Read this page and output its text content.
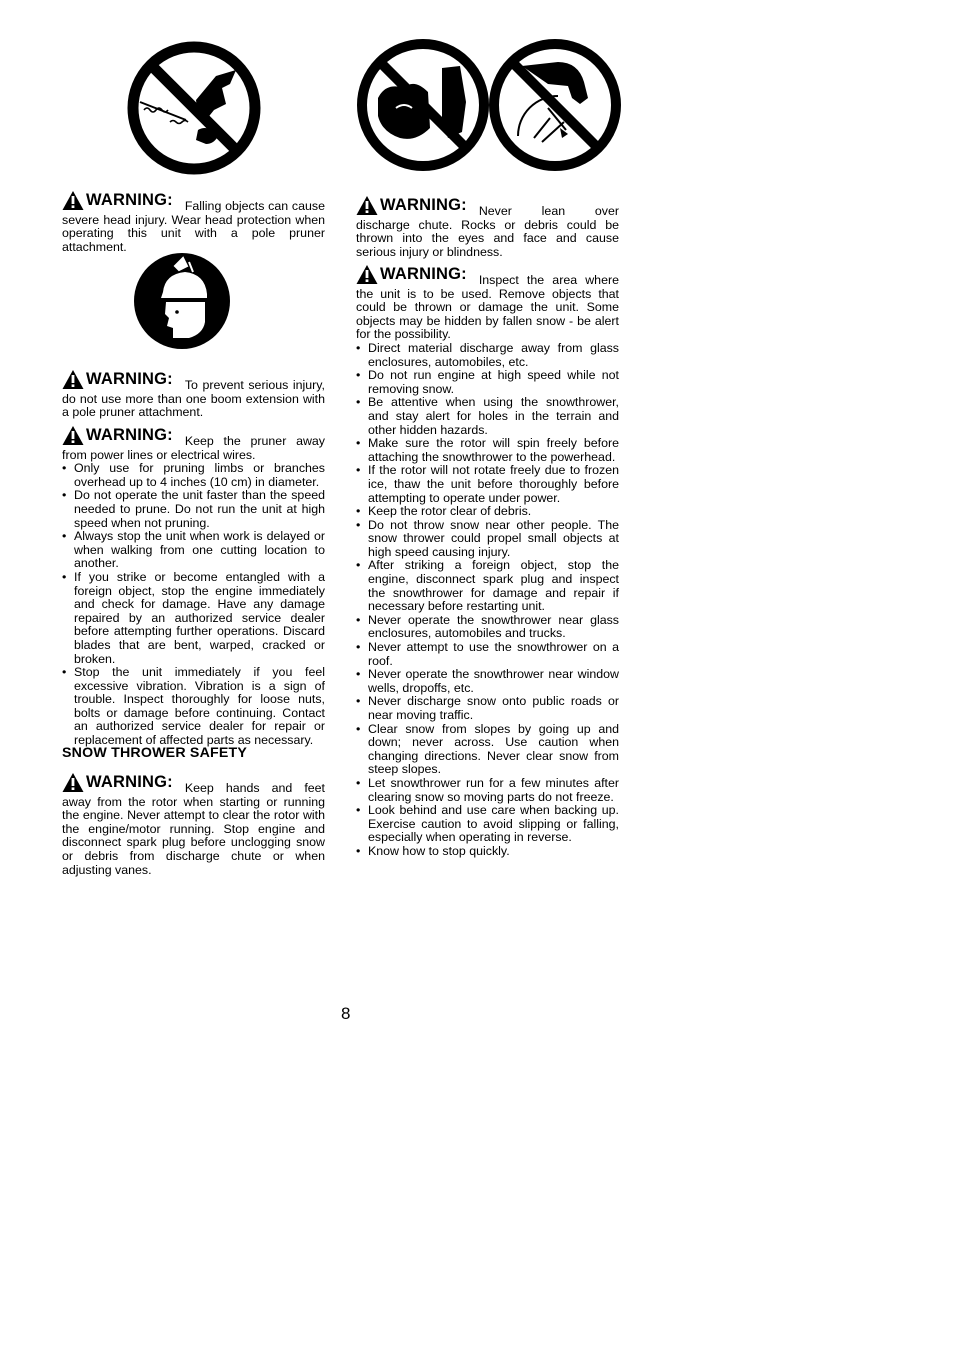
WARNING: Falling objects can cause severe head injury. Wear head protection when operating this unit with a pole pruner attachment.
WARNING: To prevent serious injury, do not use more than one boom extension with a pole pruner attachment.
WARNING: Keep the pruner away from power lines or electrical wires.
• Only use for pruning limbs or branches overhead up to 4 inches (10 cm) in diameter.
• Do not operate the unit faster than the speed needed to prune. Do not run the unit at high speed when not pruning.
• Always stop the unit when work is delayed or when walking from one cutting location to another.
• If you strike or become entangled with a foreign object, stop the engine immediately and check for damage. Have any damage repaired by an authorized service dealer before attempting further operations. Discard blades that are bent, warped, cracked or broken.
• Stop the unit immediately if you feel excessive vibration. Vibration is a sign of trouble. Inspect thoroughly for loose nuts, bolts or damage before continuing. Contact an authorized service dealer for repair or replacement of affected parts as necessary.
SNOW THROWER SAFETY
WARNING: Keep hands and feet away from the rotor when starting or running the engine. Never attempt to clear the rotor with the engine/motor running. Stop engine and disconnect spark plug before unclogging snow or debris from discharge chute or when adjusting vanes.
WARNING: Never lean over discharge chute. Rocks or debris could be thrown into the eyes and face and cause serious injury or blindness.
WARNING: Inspect the area where the unit is to be used. Remove objects that could be thrown or damage the unit. Some objects may be hidden by fallen snow - be alert for the possibility.
• Direct material discharge away from glass enclosures, automobiles, etc.
• Do not run engine at high speed while not removing snow.
• Be attentive when using the snowthrower, and stay alert for holes in the terrain and other hidden hazards.
• Make sure the rotor will spin freely before attaching the snowthrower to the powerhead.
• If the rotor will not rotate freely due to frozen ice, thaw the unit before thoroughly before attempting to operate under power.
• Keep the rotor clear of debris.
• Do not throw snow near other people. The snow thrower could propel small objects at high speed causing injury.
• After striking a foreign object, stop the engine, disconnect spark plug and inspect the snowthrower for damage and repair if necessary before restarting unit.
• Never operate the snowthrower near glass enclosures, automobiles and trucks.
• Never attempt to use the snowthrower on a roof.
• Never operate the snowthrower near window wells, dropoffs, etc.
• Never discharge snow onto public roads or near moving traffic.
• Clear snow from slopes by going up and down; never across. Use caution when changing directions. Never clear snow from steep slopes.
• Let snowthrower run for a few minutes after clearing snow so moving parts do not freeze.
• Look behind and use care when backing up. Exercise caution to avoid slipping or falling, especially when operating in reverse.
• Know how to stop quickly.
8
